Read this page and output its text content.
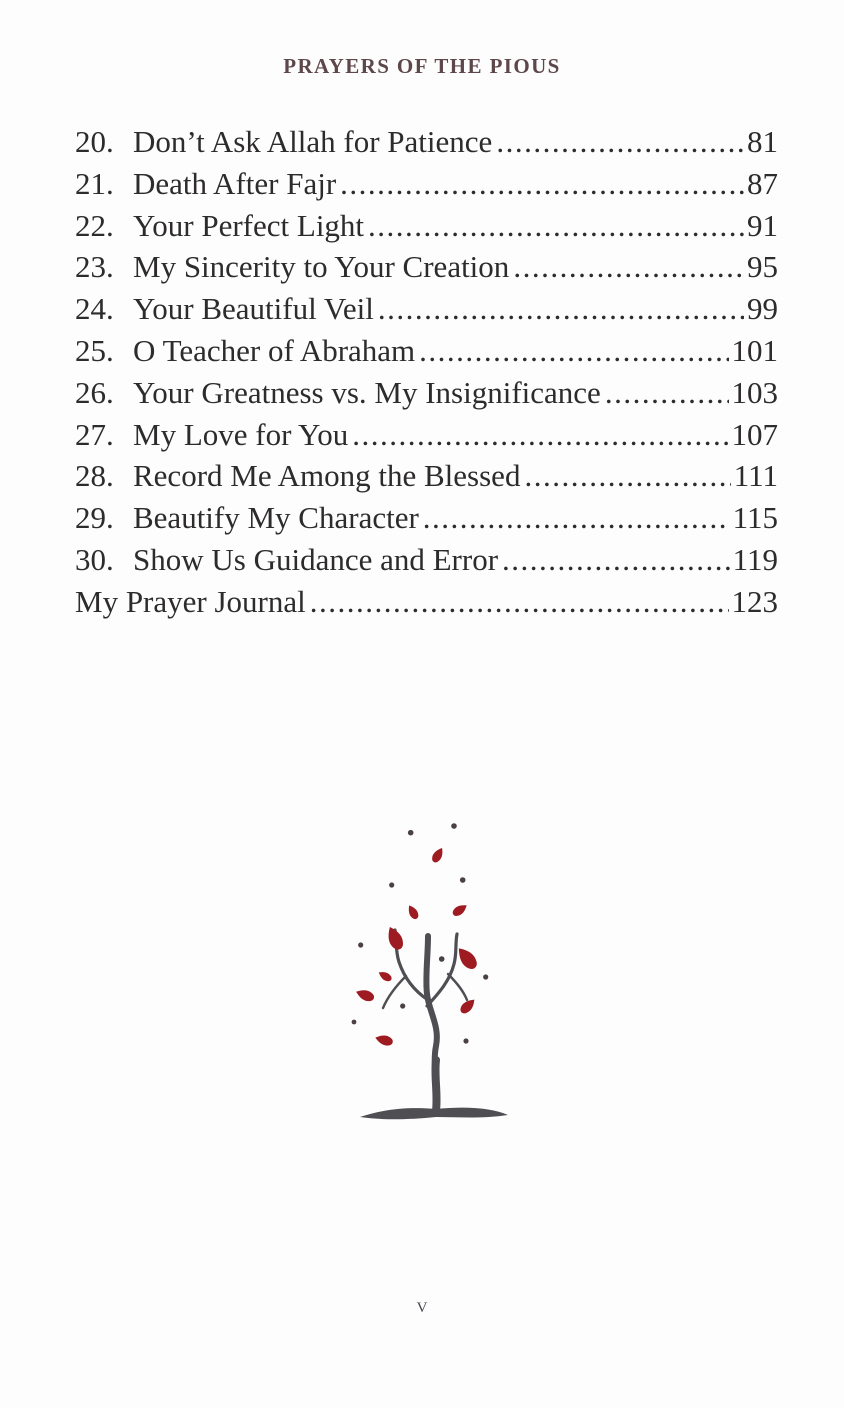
PRAYERS OF THE PIOUS
20. Don’t Ask Allah for Patience .....	81
21. Death After Fajr .....	87
22. Your Perfect Light .....	91
23. My Sincerity to Your Creation .....	95
24. Your Beautiful Veil .....	99
25. O Teacher of Abraham .....	101
26. Your Greatness vs. My Insignificance .....	103
27. My Love for You .....	107
28. Record Me Among the Blessed .....	111
29. Beautify My Character .....	115
30. Show Us Guidance and Error .....	119
My Prayer Journal .....	123
v
